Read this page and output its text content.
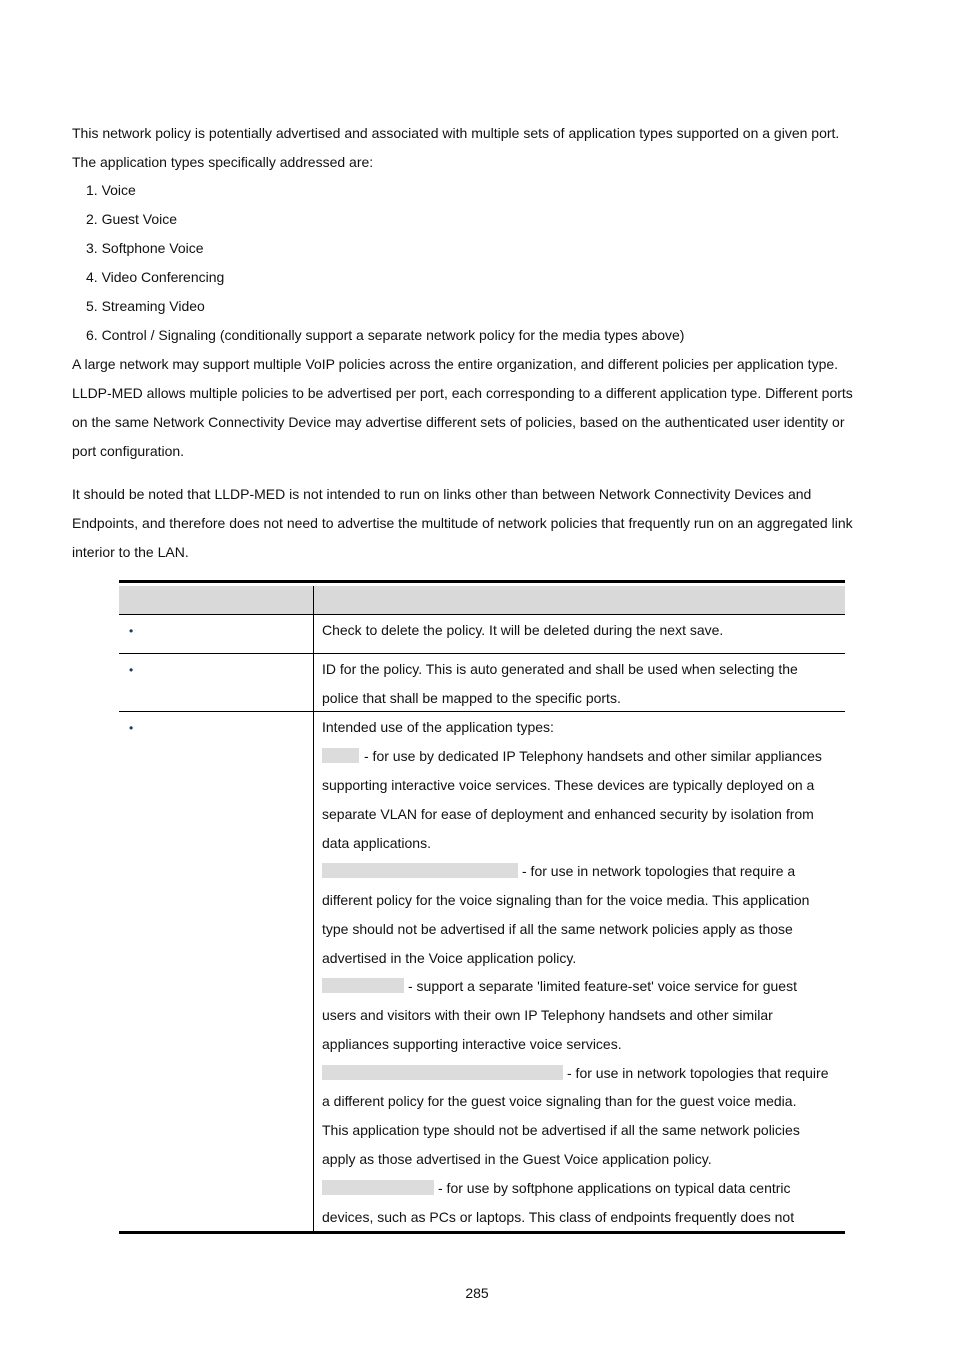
This network policy is potentially advertised and associated with multiple sets of application types supported on a given port.
The application types specifically addressed are:
1. Voice
2. Guest Voice
3. Softphone Voice
4. Video Conferencing
5. Streaming Video
6. Control / Signaling (conditionally support a separate network policy for the media types above)
A large network may support multiple VoIP policies across the entire organization, and different policies per application type.
LLDP-MED allows multiple policies to be advertised per port, each corresponding to a different application type. Different ports
on the same Network Connectivity Device may advertise different sets of policies, based on the authenticated user identity or
port configuration.
It should be noted that LLDP-MED is not intended to run on links other than between Network Connectivity Devices and
Endpoints, and therefore does not need to advertise the multitude of network policies that frequently run on an aggregated link
interior to the LAN.
•	Check to delete the policy. It will be deleted during the next save.
•	ID for the policy. This is auto generated and shall be used when selecting the
police that shall be mapped to the specific ports.
•	Intended use of the application types:
- for use by dedicated IP Telephony handsets and other similar appliances
supporting interactive voice services. These devices are typically deployed on a
separate VLAN for ease of deployment and enhanced security by isolation from
data applications.
- for use in network topologies that require a
different policy for the voice signaling than for the voice media. This application
type should not be advertised if all the same network policies apply as those
advertised in the Voice application policy.
- support a separate 'limited feature-set' voice service for guest
users and visitors with their own IP Telephony handsets and other similar
appliances supporting interactive voice services.
- for use in network topologies that require
a different policy for the guest voice signaling than for the guest voice media.
This application type should not be advertised if all the same network policies
apply as those advertised in the Guest Voice application policy.
- for use by softphone applications on typical data centric
devices, such as PCs or laptops. This class of endpoints frequently does not
285
